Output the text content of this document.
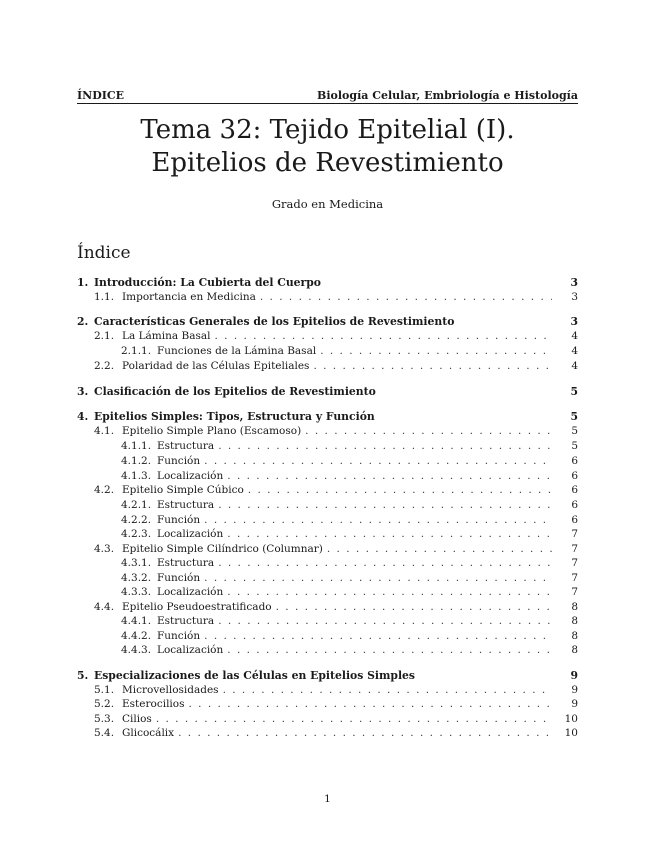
ÍNDICE	Biología Celular, Embriología e Histología
Tema 32: Tejido Epitelial (I).
Epitelios de Revestimiento
Grado en Medicina
Índice
1. Introducción: La Cubierta del Cuerpo	3
1.1. Importancia en Medicina . . .	3
2. Características Generales de los Epitelios de Revestimiento	3
2.1. La Lámina Basal . . .	4
2.1.1. Funciones de la Lámina Basal . . .	4
2.2. Polaridad de las Células Epiteliales . . .	4
3. Clasificación de los Epitelios de Revestimiento	5
4. Epitelios Simples: Tipos, Estructura y Función	5
4.1. Epitelio Simple Plano (Escamoso) . . .	5
4.1.1. Estructura . . .	5
4.1.2. Función . . .	6
4.1.3. Localización . . .	6
4.2. Epitelio Simple Cúbico . . .	6
4.2.1. Estructura . . .	6
4.2.2. Función . . .	6
4.2.3. Localización . . .	7
4.3. Epitelio Simple Cilíndrico (Columnar) . . .	7
4.3.1. Estructura . . .	7
4.3.2. Función . . .	7
4.3.3. Localización . . .	7
4.4. Epitelio Pseudoestratificado . . .	8
4.4.1. Estructura . . .	8
4.4.2. Función . . .	8
4.4.3. Localización . . .	8
5. Especializaciones de las Células en Epitelios Simples	9
5.1. Microvellosidades . . .	9
5.2. Esterocilios . . .	9
5.3. Cilios . . .	10
5.4. Glicocálix . . .	10
1
